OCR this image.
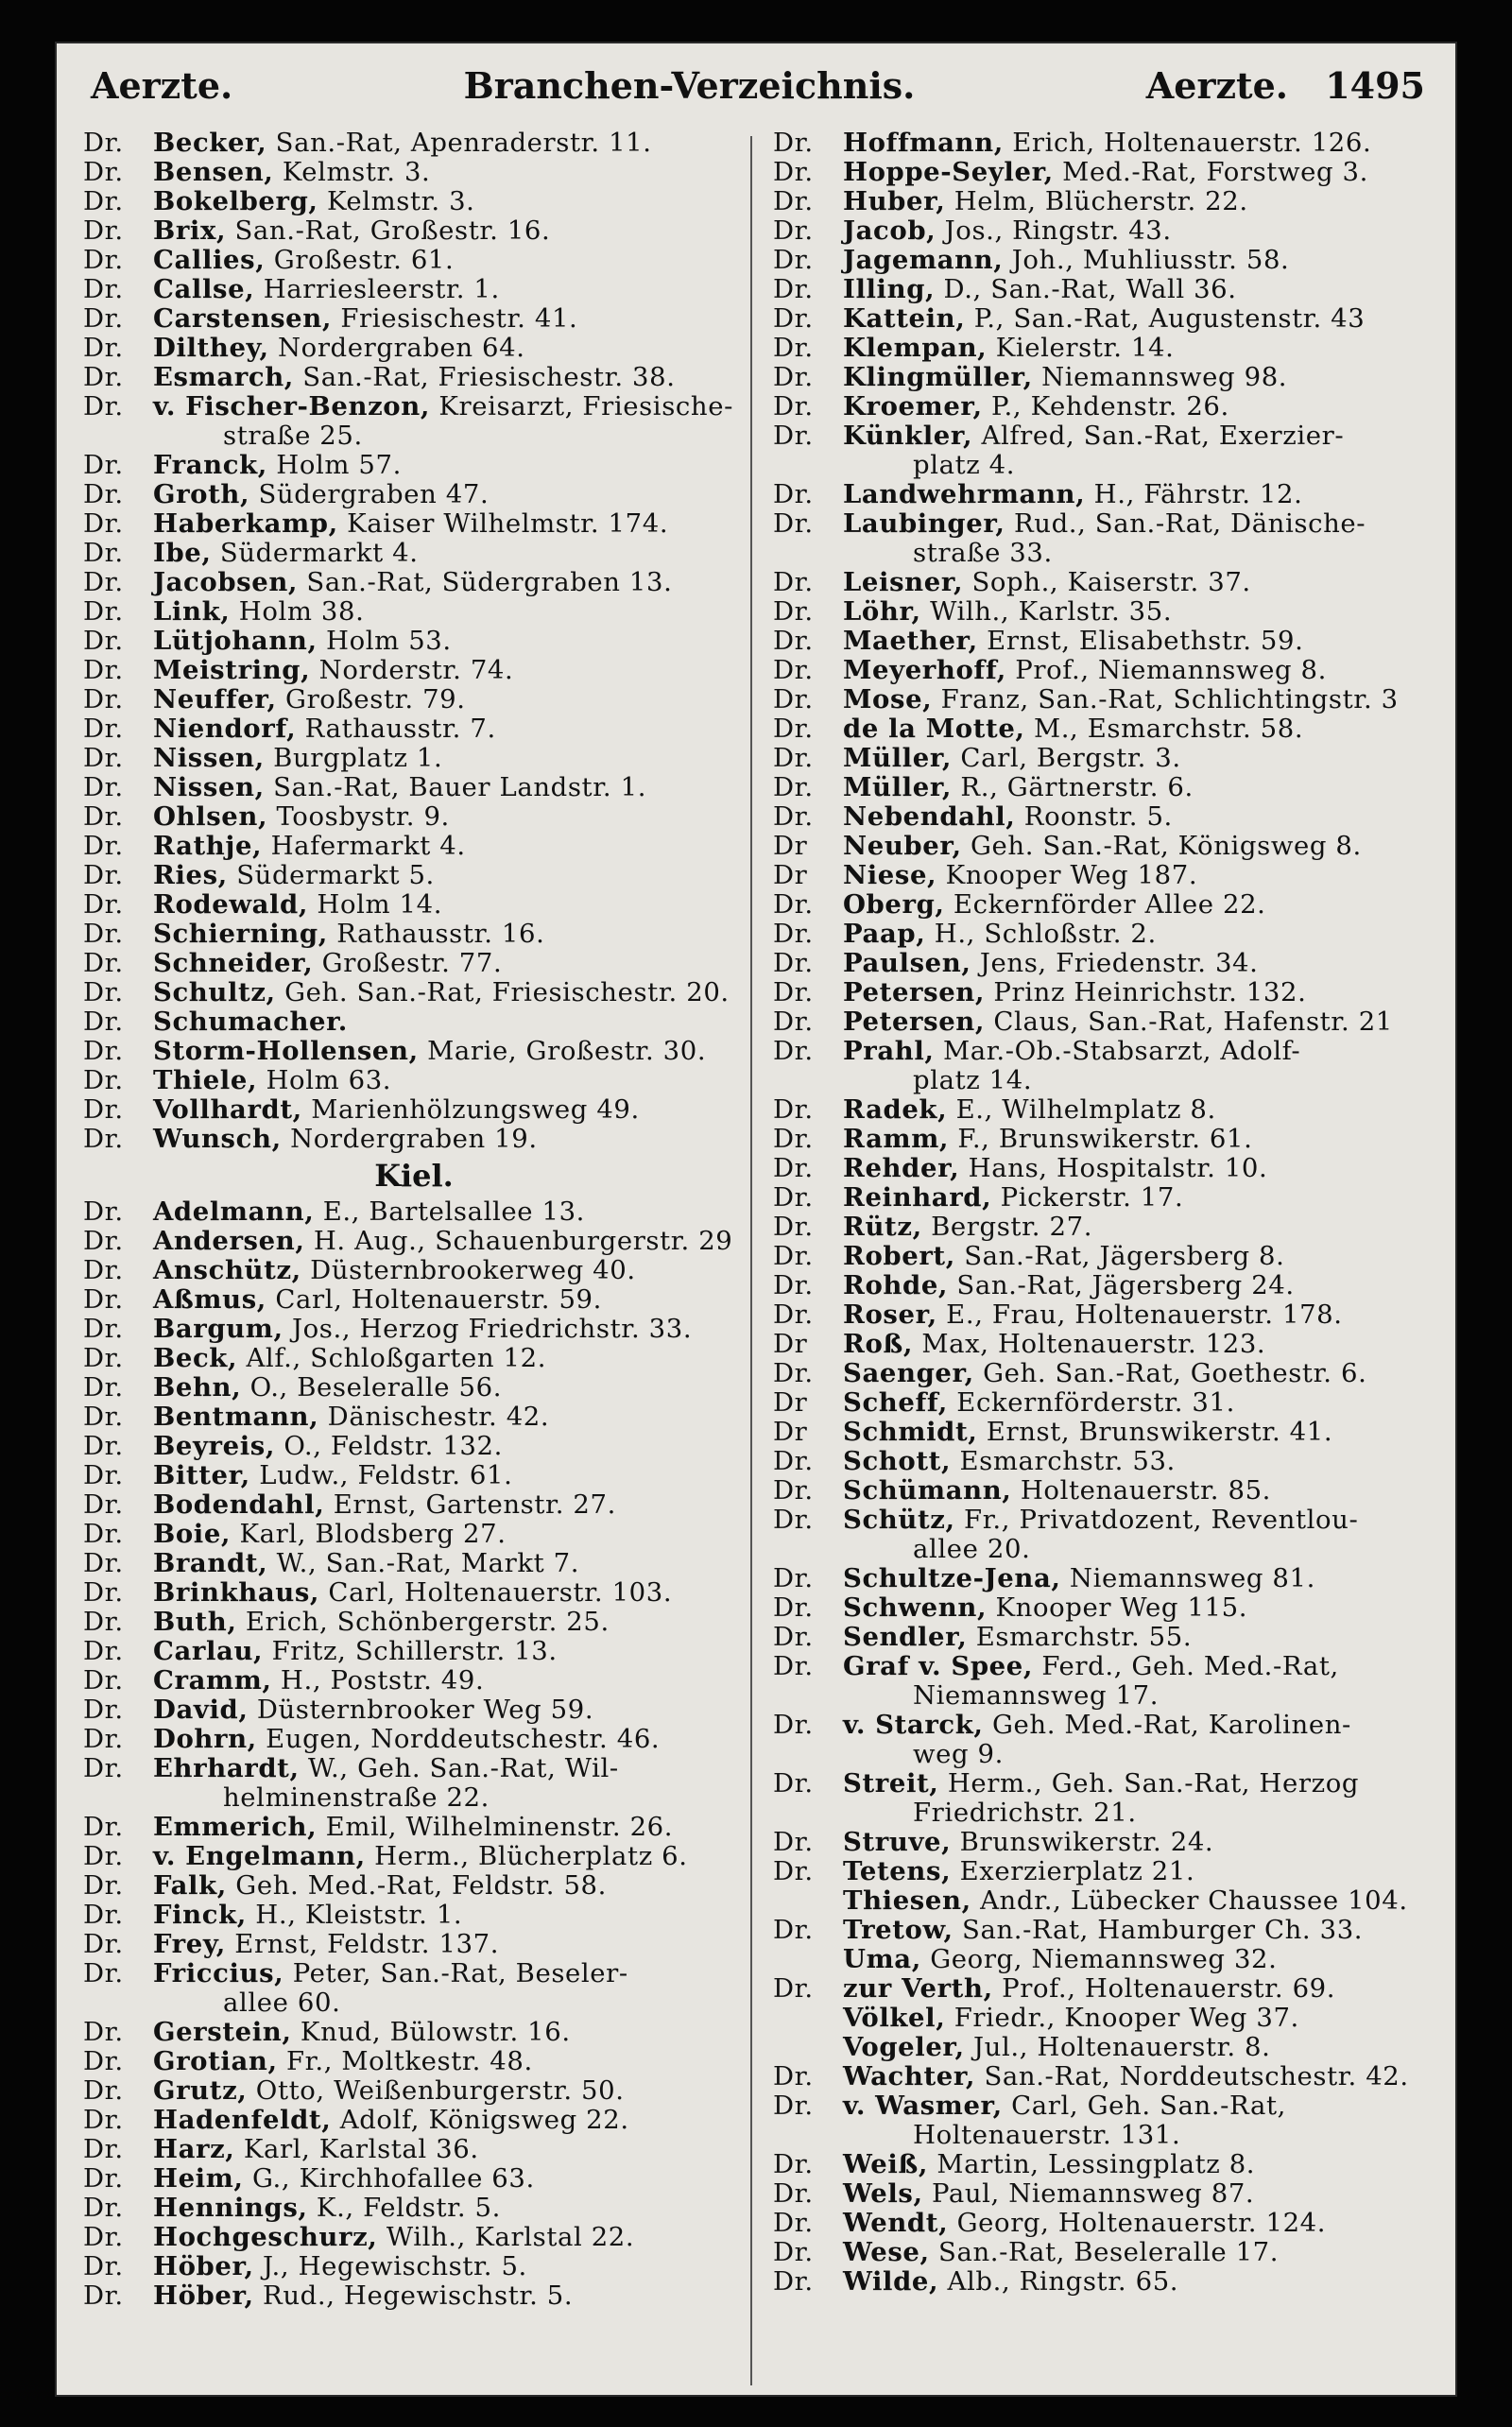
Aerzte.	Branchen-Verzeichnis.	Aerzte. 1495
Dr.Becker, San.-Rat, Apenraderstr. 11.
Dr.Bensen, Kelmstr. 3.
Dr.Bokelberg, Kelmstr. 3.
Dr.Brix, San.-Rat, Großestr. 16.
Dr.Callies, Großestr. 61.
Dr.Callse, Harriesleerstr. 1.
Dr.Carstensen, Friesischestr. 41.
Dr.Dilthey, Nordergraben 64.
Dr.Esmarch, San.-Rat, Friesischestr. 38.
Dr.v. Fischer-Benzon, Kreisarzt, Friesische-
straße 25.
Dr.Franck, Holm 57.
Dr.Groth, Südergraben 47.
Dr.Haberkamp, Kaiser Wilhelmstr. 174.
Dr.Ibe, Südermarkt 4.
Dr.Jacobsen, San.-Rat, Südergraben 13.
Dr.Link, Holm 38.
Dr.Lütjohann, Holm 53.
Dr.Meistring, Norderstr. 74.
Dr.Neuffer, Großestr. 79.
Dr.Niendorf, Rathausstr. 7.
Dr.Nissen, Burgplatz 1.
Dr.Nissen, San.-Rat, Bauer Landstr. 1.
Dr.Ohlsen, Toosbystr. 9.
Dr.Rathje, Hafermarkt 4.
Dr.Ries, Südermarkt 5.
Dr.Rodewald, Holm 14.
Dr.Schierning, Rathausstr. 16.
Dr.Schneider, Großestr. 77.
Dr.Schultz, Geh. San.-Rat, Friesischestr. 20.
Dr.Schumacher.
Dr.Storm-Hollensen, Marie, Großestr. 30.
Dr.Thiele, Holm 63.
Dr.Vollhardt, Marienhölzungsweg 49.
Dr.Wunsch, Nordergraben 19.
Kiel.
Dr.Adelmann, E., Bartelsallee 13.
Dr.Andersen, H. Aug., Schauenburgerstr. 29
Dr.Anschütz, Düsternbrookerweg 40.
Dr.Aßmus, Carl, Holtenauerstr. 59.
Dr.Bargum, Jos., Herzog Friedrichstr. 33.
Dr.Beck, Alf., Schloßgarten 12.
Dr.Behn, O., Beseleralle 56.
Dr.Bentmann, Dänischestr. 42.
Dr.Beyreis, O., Feldstr. 132.
Dr.Bitter, Ludw., Feldstr. 61.
Dr.Bodendahl, Ernst, Gartenstr. 27.
Dr.Boie, Karl, Blodsberg 27.
Dr.Brandt, W., San.-Rat, Markt 7.
Dr.Brinkhaus, Carl, Holtenauerstr. 103.
Dr.Buth, Erich, Schönbergerstr. 25.
Dr.Carlau, Fritz, Schillerstr. 13.
Dr.Cramm, H., Poststr. 49.
Dr.David, Düsternbrooker Weg 59.
Dr.Dohrn, Eugen, Norddeutschestr. 46.
Dr.Ehrhardt, W., Geh. San.-Rat, Wil-
helminenstraße 22.
Dr.Emmerich, Emil, Wilhelminenstr. 26.
Dr.v. Engelmann, Herm., Blücherplatz 6.
Dr.Falk, Geh. Med.-Rat, Feldstr. 58.
Dr.Finck, H., Kleiststr. 1.
Dr.Frey, Ernst, Feldstr. 137.
Dr.Friccius, Peter, San.-Rat, Beseler-
allee 60.
Dr.Gerstein, Knud, Bülowstr. 16.
Dr.Grotian, Fr., Moltkestr. 48.
Dr.Grutz, Otto, Weißenburgerstr. 50.
Dr.Hadenfeldt, Adolf, Königsweg 22.
Dr.Harz, Karl, Karlstal 36.
Dr.Heim, G., Kirchhofallee 63.
Dr.Hennings, K., Feldstr. 5.
Dr.Hochgeschurz, Wilh., Karlstal 22.
Dr.Höber, J., Hegewischstr. 5.
Dr.Höber, Rud., Hegewischstr. 5.
Dr.Hoffmann, Erich, Holtenauerstr. 126.
Dr.Hoppe-Seyler, Med.-Rat, Forstweg 3.
Dr.Huber, Helm, Blücherstr. 22.
Dr.Jacob, Jos., Ringstr. 43.
Dr.Jagemann, Joh., Muhliusstr. 58.
Dr.Illing, D., San.-Rat, Wall 36.
Dr.Kattein, P., San.-Rat, Augustenstr. 43
Dr.Klempan, Kielerstr. 14.
Dr.Klingmüller, Niemannsweg 98.
Dr.Kroemer, P., Kehdenstr. 26.
Dr.Künkler, Alfred, San.-Rat, Exerzier-
platz 4.
Dr.Landwehrmann, H., Fährstr. 12.
Dr.Laubinger, Rud., San.-Rat, Dänische-
straße 33.
Dr.Leisner, Soph., Kaiserstr. 37.
Dr.Löhr, Wilh., Karlstr. 35.
Dr.Maether, Ernst, Elisabethstr. 59.
Dr.Meyerhoff, Prof., Niemannsweg 8.
Dr.Mose, Franz, San.-Rat, Schlichtingstr. 3
Dr.de la Motte, M., Esmarchstr. 58.
Dr.Müller, Carl, Bergstr. 3.
Dr.Müller, R., Gärtnerstr. 6.
Dr.Nebendahl, Roonstr. 5.
DrNeuber, Geh. San.-Rat, Königsweg 8.
DrNiese, Knooper Weg 187.
Dr.Oberg, Eckernförder Allee 22.
Dr.Paap, H., Schloßstr. 2.
Dr.Paulsen, Jens, Friedenstr. 34.
Dr.Petersen, Prinz Heinrichstr. 132.
Dr.Petersen, Claus, San.-Rat, Hafenstr. 21
Dr.Prahl, Mar.-Ob.-Stabsarzt, Adolf-
platz 14.
Dr.Radek, E., Wilhelmplatz 8.
Dr.Ramm, F., Brunswikerstr. 61.
Dr.Rehder, Hans, Hospitalstr. 10.
Dr.Reinhard, Pickerstr. 17.
Dr.Rütz, Bergstr. 27.
Dr.Robert, San.-Rat, Jägersberg 8.
Dr.Rohde, San.-Rat, Jägersberg 24.
Dr.Roser, E., Frau, Holtenauerstr. 178.
DrRoß, Max, Holtenauerstr. 123.
Dr.Saenger, Geh. San.-Rat, Goethestr. 6.
DrScheff, Eckernförderstr. 31.
DrSchmidt, Ernst, Brunswikerstr. 41.
Dr.Schott, Esmarchstr. 53.
Dr.Schümann, Holtenauerstr. 85.
Dr.Schütz, Fr., Privatdozent, Reventlou-
allee 20.
Dr.Schultze-Jena, Niemannsweg 81.
Dr.Schwenn, Knooper Weg 115.
Dr.Sendler, Esmarchstr. 55.
Dr.Graf v. Spee, Ferd., Geh. Med.-Rat,
Niemannsweg 17.
Dr.v. Starck, Geh. Med.-Rat, Karolinen-
weg 9.
Dr.Streit, Herm., Geh. San.-Rat, Herzog
Friedrichstr. 21.
Dr.Struve, Brunswikerstr. 24.
Dr.Tetens, Exerzierplatz 21.
Thiesen, Andr., Lübecker Chaussee 104.
Dr.Tretow, San.-Rat, Hamburger Ch. 33.
Uma, Georg, Niemannsweg 32.
Dr.zur Verth, Prof., Holtenauerstr. 69.
Völkel, Friedr., Knooper Weg 37.
Vogeler, Jul., Holtenauerstr. 8.
Dr.Wachter, San.-Rat, Norddeutschestr. 42.
Dr.v. Wasmer, Carl, Geh. San.-Rat,
Holtenauerstr. 131.
Dr.Weiß, Martin, Lessingplatz 8.
Dr.Wels, Paul, Niemannsweg 87.
Dr.Wendt, Georg, Holtenauerstr. 124.
Dr.Wese, San.-Rat, Beseleralle 17.
Dr.Wilde, Alb., Ringstr. 65.
